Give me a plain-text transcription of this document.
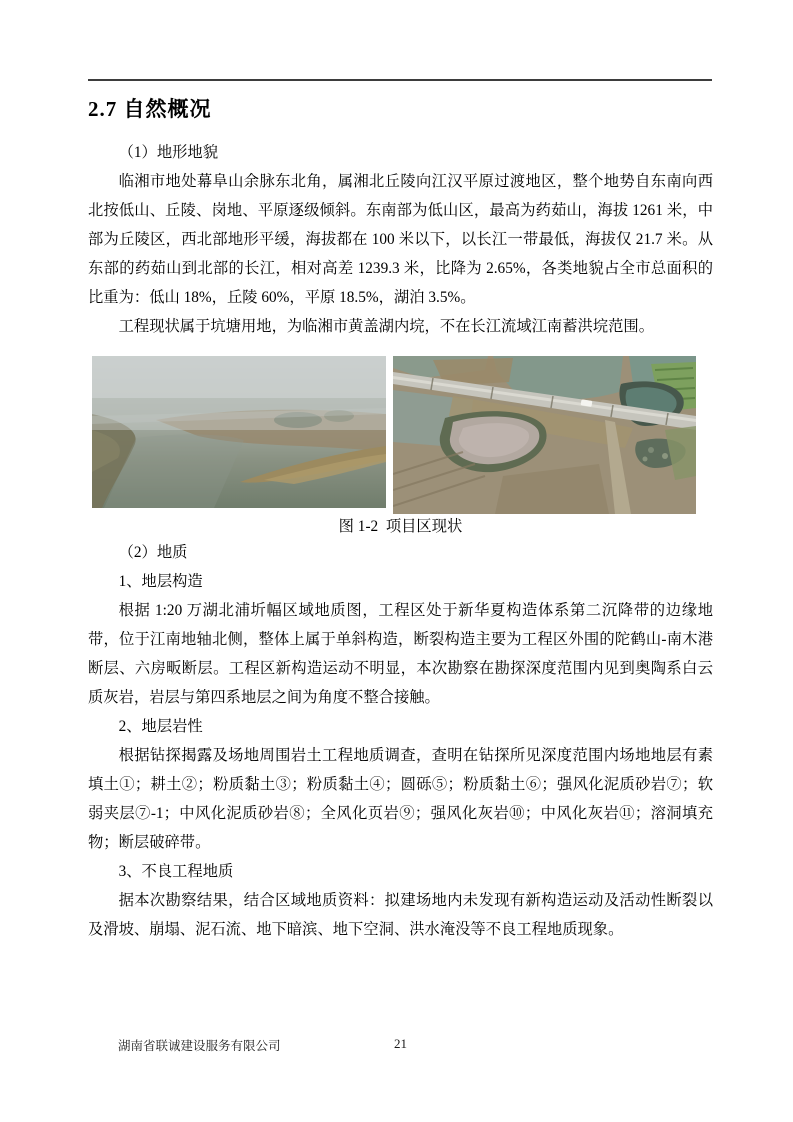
2.7 自然概况
（1）地形地貌
临湘市地处幕阜山余脉东北角，属湘北丘陵向江汉平原过渡地区，整个地势自东南向西北按低山、丘陵、岗地、平原逐级倾斜。东南部为低山区，最高为药茹山，海拔 1261 米，中部为丘陵区，西北部地形平缓，海拔都在 100 米以下，以长江一带最低，海拔仅 21.7 米。从东部的药茹山到北部的长江，相对高差 1239.3 米，比降为 2.65%，各类地貌占全市总面积的比重为：低山 18%，丘陵 60%，平原 18.5%，湖泊 3.5%。
工程现状属于坑塘用地，为临湘市黄盖湖内垸，不在长江流域江南蓄洪垸范围。
图 1-2  项目区现状
（2）地质
1、地层构造
根据 1:20 万湖北浦圻幅区域地质图，工程区处于新华夏构造体系第二沉降带的边缘地带，位于江南地轴北侧，整体上属于单斜构造，断裂构造主要为工程区外围的陀鹤山-南木港断层、六房畈断层。工程区新构造运动不明显，本次勘察在勘探深度范围内见到奥陶系白云质灰岩，岩层与第四系地层之间为角度不整合接触。
2、地层岩性
根据钻探揭露及场地周围岩土工程地质调查，查明在钻探所见深度范围内场地地层有素填土①；耕土②；粉质黏土③；粉质黏土④；圆砾⑤；粉质黏土⑥；强风化泥质砂岩⑦；软弱夹层⑦-1；中风化泥质砂岩⑧；全风化页岩⑨；强风化灰岩⑩；中风化灰岩⑪；溶洞填充物；断层破碎带。
3、不良工程地质
据本次勘察结果，结合区域地质资料：拟建场地内未发现有新构造运动及活动性断裂以及滑坡、崩塌、泥石流、地下暗滨、地下空洞、洪水淹没等不良工程地质现象。
湖南省联诚建设服务有限公司	21
